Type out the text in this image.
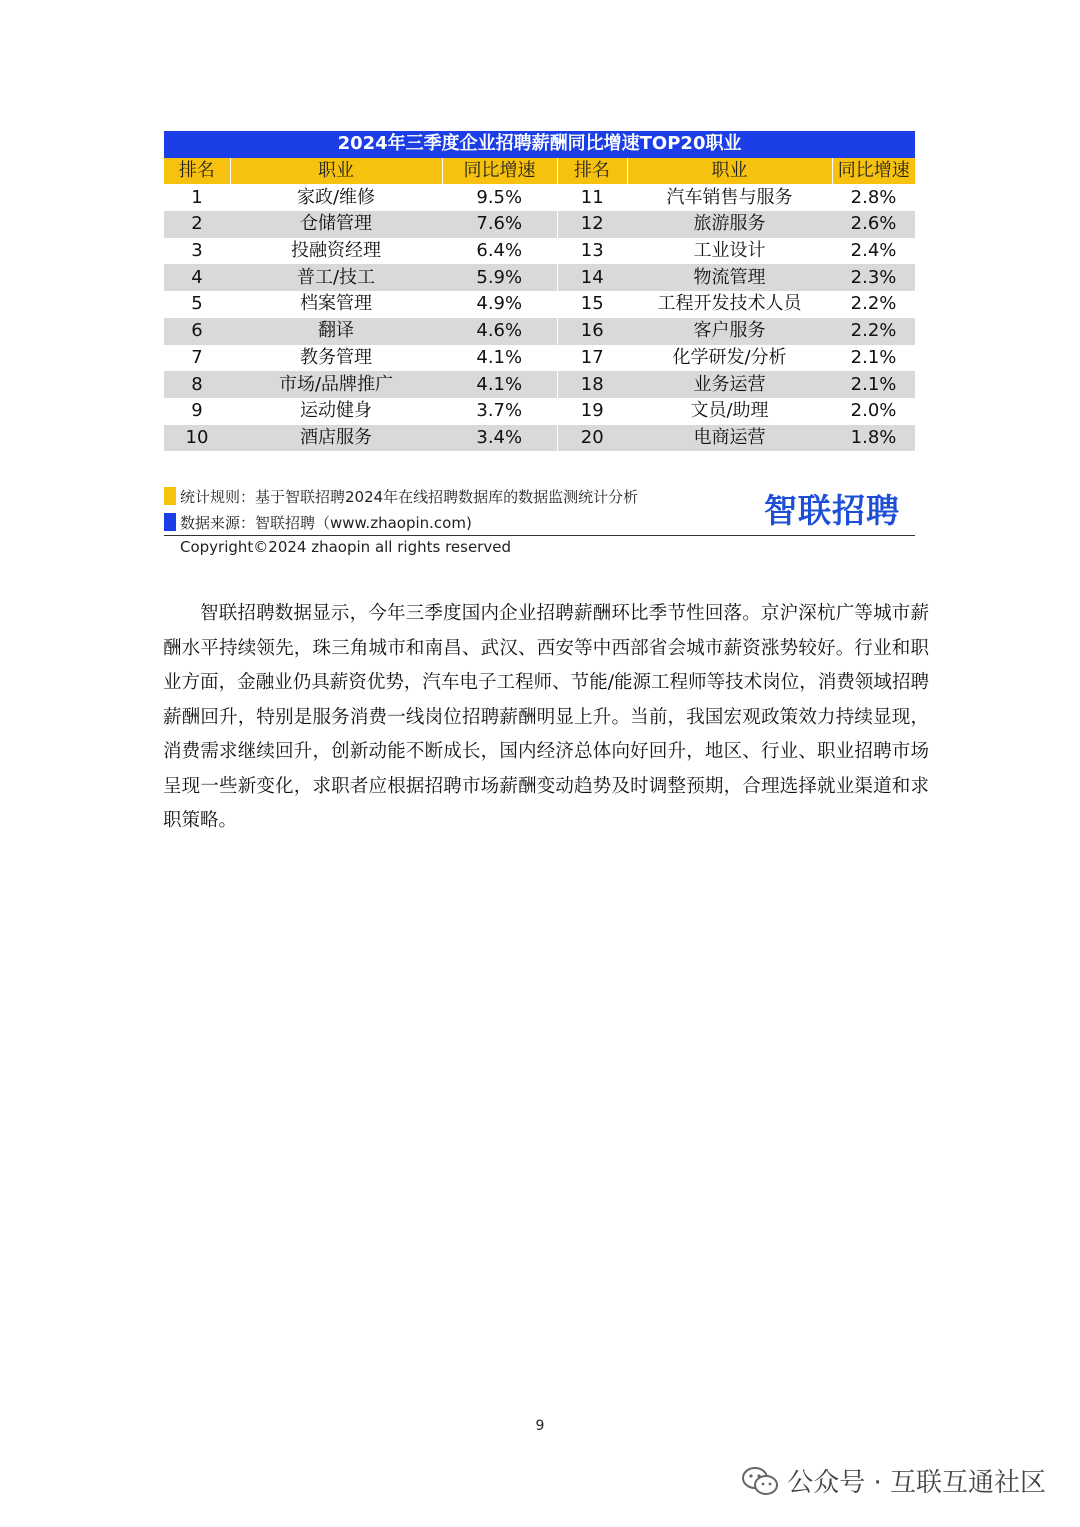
2024年三季度企业招聘薪酬同比增速TOP20职业					
排名	职业	同比增速	排名	职业	同比增速
1	家政/维修	9.5%	11	汽车销售与服务	2.8%
2	仓储管理	7.6%	12	旅游服务	2.6%
3	投融资经理	6.4%	13	工业设计	2.4%
4	普工/技工	5.9%	14	物流管理	2.3%
5	档案管理	4.9%	15	工程开发技术人员	2.2%
6	翻译	4.6%	16	客户服务	2.2%
7	教务管理	4.1%	17	化学研发/分析	2.1%
8	市场/品牌推广	4.1%	18	业务运营	2.1%
9	运动健身	3.7%	19	文员/助理	2.0%
10	酒店服务	3.4%	20	电商运营	1.8%
统计规则：基于智联招聘2024年在线招聘数据库的数据监测统计分析
数据来源：智联招聘（www.zhaopin.com)	智联招聘
Copyright©2024 zhaopin all rights reserved
智联招聘数据显示，今年三季度国内企业招聘薪酬环比季节性回落。京沪深杭广等城市薪酬水平持续领先，珠三角城市和南昌、武汉、西安等中西部省会城市薪资涨势较好。行业和职业方面，金融业仍具薪资优势，汽车电子工程师、节能/能源工程师等技术岗位，消费领域招聘薪酬回升，特别是服务消费一线岗位招聘薪酬明显上升。当前，我国宏观政策效力持续显现，消费需求继续回升，创新动能不断成长，国内经济总体向好回升，地区、行业、职业招聘市场呈现一些新变化，求职者应根据招聘市场薪酬变动趋势及时调整预期，合理选择就业渠道和求职策略。
9
公众号 · 互联互通社区
